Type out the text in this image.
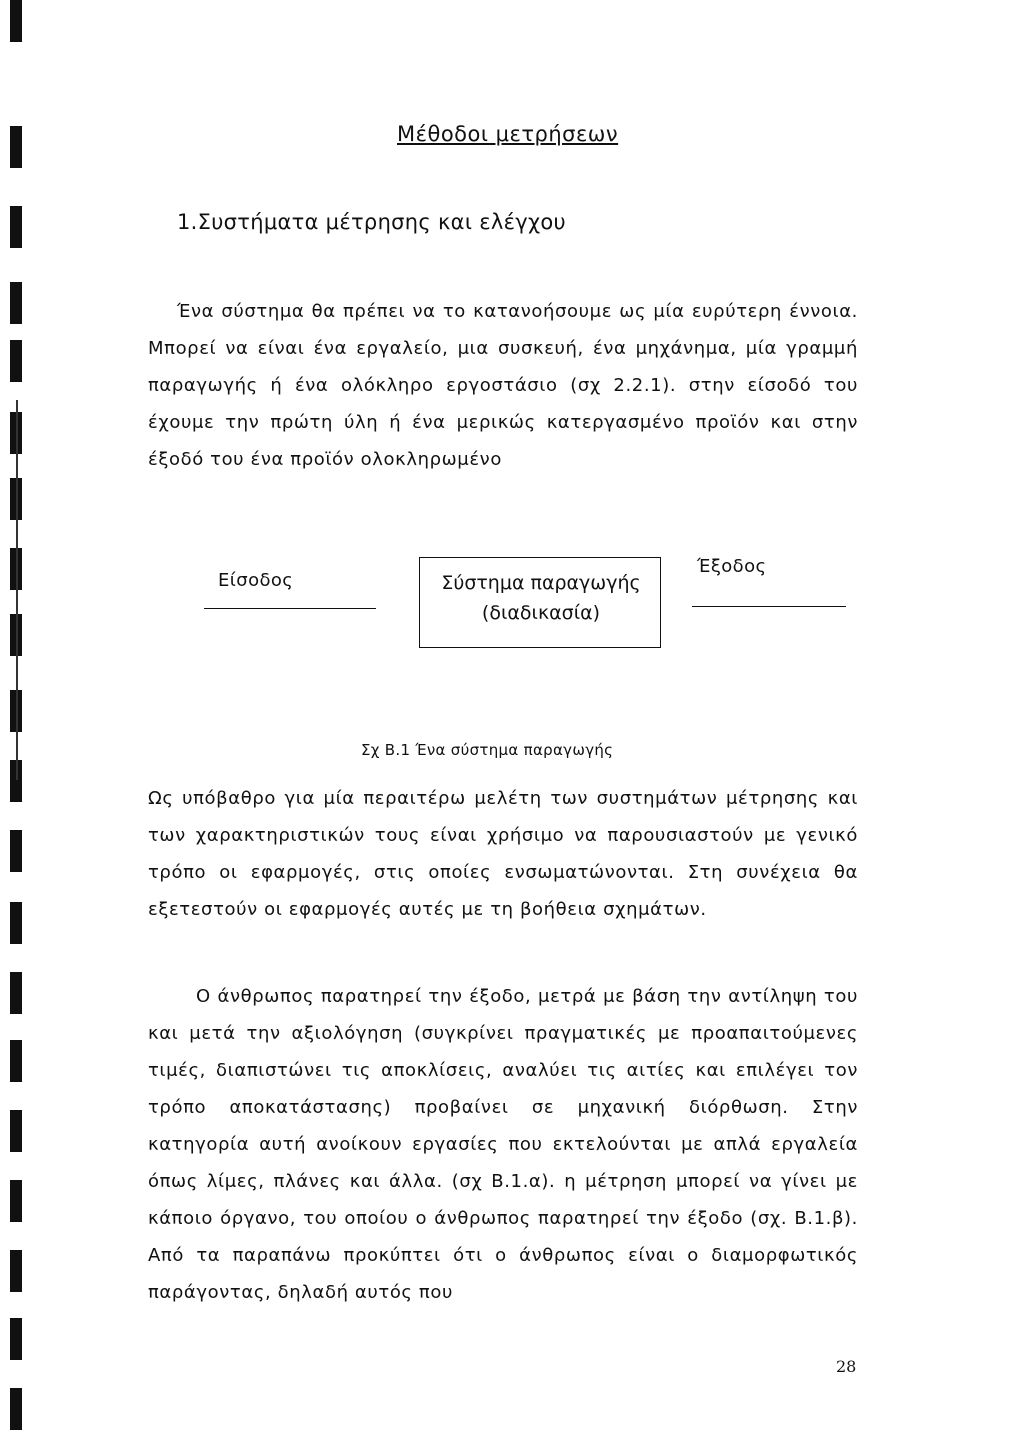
Μέθοδοι μετρήσεων
1.Συστήματα μέτρησης και ελέγχου

Ένα σύστημα θα πρέπει να το κατανοήσουμε ως μία ευρύτερη έννοια. Μπορεί να είναι ένα εργαλείο, μια συσκευή, ένα μηχάνημα, μία γραμμή παραγωγής ή ένα ολόκληρο εργοστάσιο (σχ 2.2.1). στην είσοδό του έχουμε την πρώτη ύλη ή ένα μερικώς κατεργασμένο προϊόν και στην έξοδό του ένα προϊόν ολοκληρωμένο

Είσοδος	Σύστημα παραγωγής
(διαδικασία)
Έξοδος
Σχ Β.1 Ένα σύστημα παραγωγής

Ως υπόβαθρο για μία περαιτέρω μελέτη των συστημάτων μέτρησης και των χαρακτηριστικών τους είναι χρήσιμο να παρουσιαστούν με γενικό τρόπο οι εφαρμογές, στις οποίες ενσωματώνονται. Στη συνέχεια θα εξετεστούν οι εφαρμογές αυτές με τη βοήθεια σχημάτων.

Ο άνθρωπος παρατηρεί την έξοδο, μετρά με βάση την αντίληψη του και μετά την αξιολόγηση (συγκρίνει πραγματικές με προαπαιτούμενες τιμές, διαπιστώνει τις αποκλίσεις, αναλύει τις αιτίες και επιλέγει τον τρόπο αποκατάστασης) προβαίνει σε μηχανική διόρθωση. Στην κατηγορία αυτή ανοίκουν εργασίες που εκτελούνται με απλά εργαλεία όπως λίμες, πλάνες και άλλα. (σχ Β.1.α). η μέτρηση μπορεί να γίνει με κάποιο όργανο, του οποίου ο άνθρωπος παρατηρεί την έξοδο (σχ. Β.1.β). Από τα παραπάνω προκύπτει ότι ο άνθρωπος είναι ο διαμορφωτικός παράγοντας, δηλαδή αυτός που

28
